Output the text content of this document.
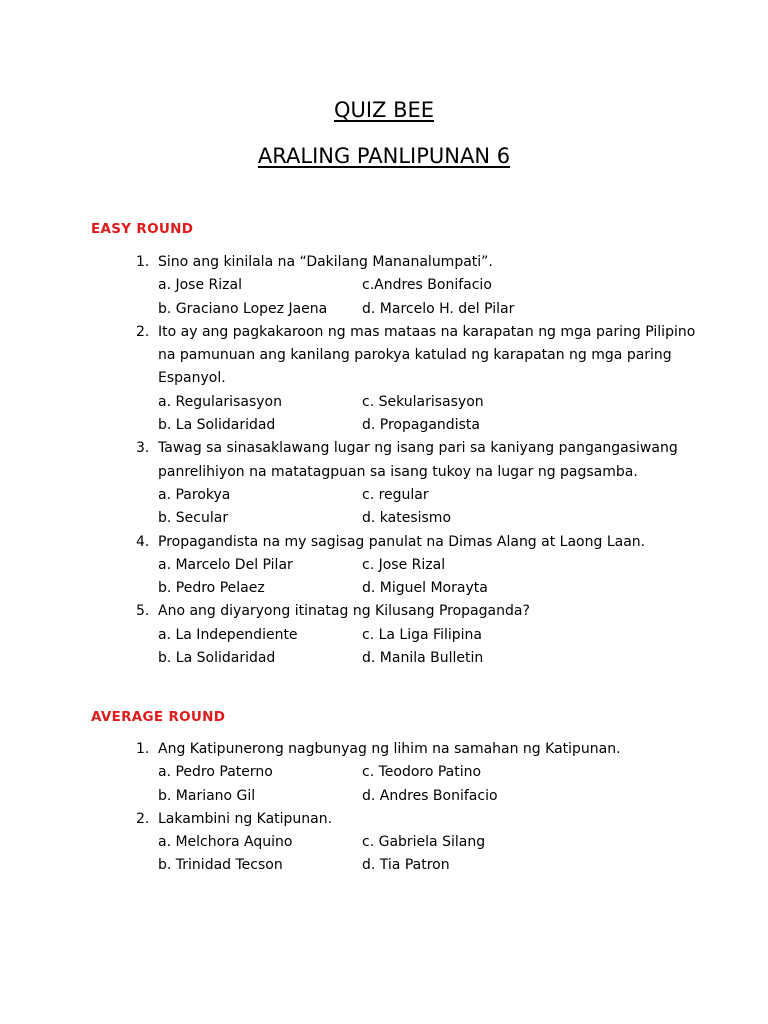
QUIZ BEE
ARALING PANLIPUNAN 6
EASY ROUND
1. Sino ang kinilala na “Dakilang Mananalumpati”.
a. Jose Rizal	c.Andres Bonifacio
b. Graciano Lopez Jaena d. Marcelo H. del Pilar
2. Ito ay ang pagkakaroon ng mas mataas na karapatan ng mga paring Pilipino
na pamunuan ang kanilang parokya katulad ng karapatan ng mga paring
Espanyol.
a. Regularisasyon	c. Sekularisasyon
b. La Solidaridad	d. Propagandista
3. Tawag sa sinasaklawang lugar ng isang pari sa kaniyang pangangasiwang
panrelihiyon na matatagpuan sa isang tukoy na lugar ng pagsamba.
a. Parokya	c. regular
b. Secular	d. katesismo
4. Propagandista na my sagisag panulat na Dimas Alang at Laong Laan.
a. Marcelo Del Pilar	c. Jose Rizal
b. Pedro Pelaez	d. Miguel Morayta
5. Ano ang diyaryong itinatag ng Kilusang Propaganda?
a. La Independiente	c. La Liga Filipina
b. La Solidaridad	d. Manila Bulletin
AVERAGE ROUND
1. Ang Katipunerong nagbunyag ng lihim na samahan ng Katipunan.
a. Pedro Paterno	c. Teodoro Patino
b. Mariano Gil	d. Andres Bonifacio
2. Lakambini ng Katipunan.
a. Melchora Aquino	c. Gabriela Silang
b. Trinidad Tecson	d. Tia Patron
